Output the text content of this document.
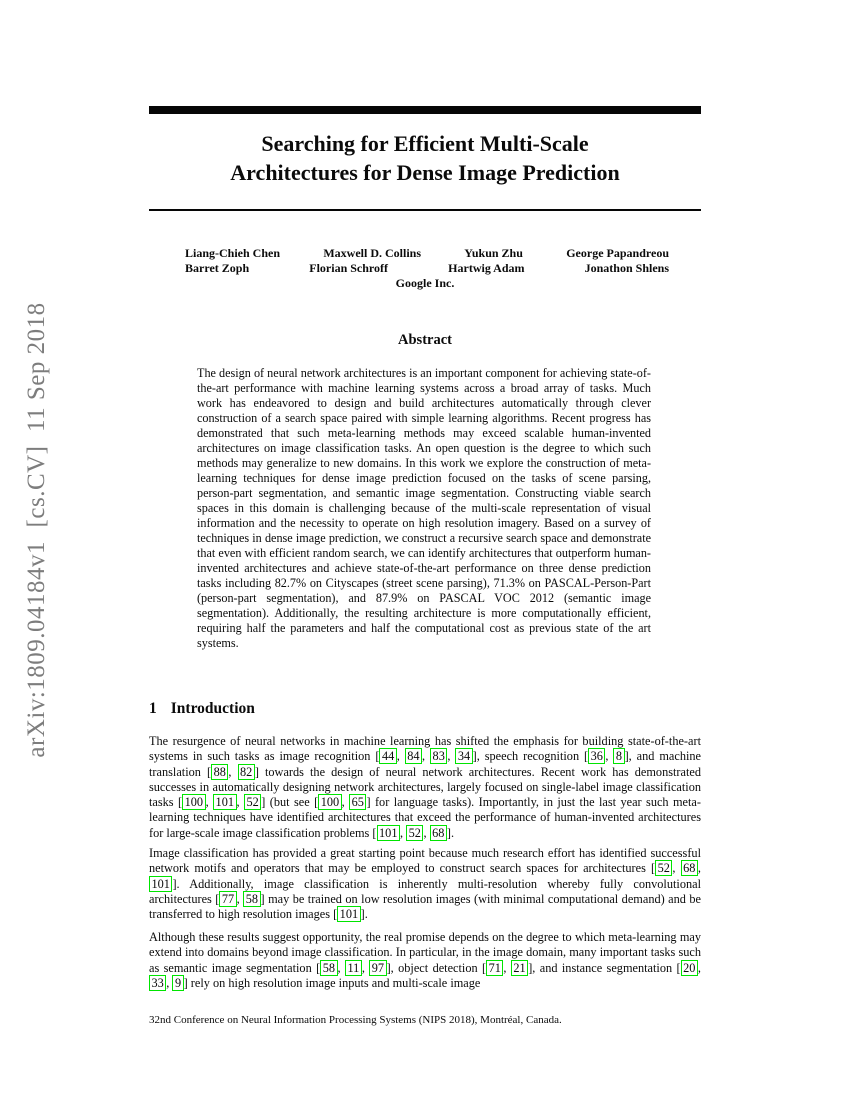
arXiv:1809.04184v1  [cs.CV]  11 Sep 2018
Searching for Efficient Multi-Scale
Architectures for Dense Image Prediction
Liang-Chieh Chen	Maxwell D. Collins	Yukun Zhu	George Papandreou
Barret Zoph	Florian Schroff	Hartwig Adam	Jonathon Shlens
Google Inc.
Abstract
The design of neural network architectures is an important component for achieving state-of-the-art performance with machine learning systems across a broad array of tasks. Much work has endeavored to design and build architectures automatically through clever construction of a search space paired with simple learning algorithms. Recent progress has demonstrated that such meta-learning methods may exceed scalable human-invented architectures on image classification tasks. An open question is the degree to which such methods may generalize to new domains. In this work we explore the construction of meta-learning techniques for dense image prediction focused on the tasks of scene parsing, person-part segmentation, and semantic image segmentation. Constructing viable search spaces in this domain is challenging because of the multi-scale representation of visual information and the necessity to operate on high resolution imagery. Based on a survey of techniques in dense image prediction, we construct a recursive search space and demonstrate that even with efficient random search, we can identify architectures that outperform human-invented architectures and achieve state-of-the-art performance on three dense prediction tasks including 82.7% on Cityscapes (street scene parsing), 71.3% on PASCAL-Person-Part (person-part segmentation), and 87.9% on PASCAL VOC 2012 (semantic image segmentation). Additionally, the resulting architecture is more computationally efficient, requiring half the parameters and half the computational cost as previous state of the art systems.
1 Introduction
The resurgence of neural networks in machine learning has shifted the emphasis for building state-of-the-art systems in such tasks as image recognition [ 44 , 84 , 83 , 34 ], speech recognition [ 36 , 8 ], and machine translation [ 88 , 82 ] towards the design of neural network architectures. Recent work has demonstrated successes in automatically designing network architectures, largely focused on single-label image classification tasks [ 100 , 101 , 52 ] (but see [ 100 , 65 ] for language tasks). Importantly, in just the last year such meta-learning techniques have identified architectures that exceed the performance of human-invented architectures for large-scale image classification problems [ 101 , 52 , 68 ].
Image classification has provided a great starting point because much research effort has identified successful network motifs and operators that may be employed to construct search spaces for architectures [ 52 , 68 , 101 ]. Additionally, image classification is inherently multi-resolution whereby fully convolutional architectures [ 77 , 58 ] may be trained on low resolution images (with minimal computational demand) and be transferred to high resolution images [ 101 ].
Although these results suggest opportunity, the real promise depends on the degree to which meta-learning may extend into domains beyond image classification. In particular, in the image domain, many important tasks such as semantic image segmentation [ 58 , 11 , 97 ], object detection [ 71 , 21 ], and instance segmentation [ 20 , 33 , 9 ] rely on high resolution image inputs and multi-scale image
32nd Conference on Neural Information Processing Systems (NIPS 2018), Montréal, Canada.
